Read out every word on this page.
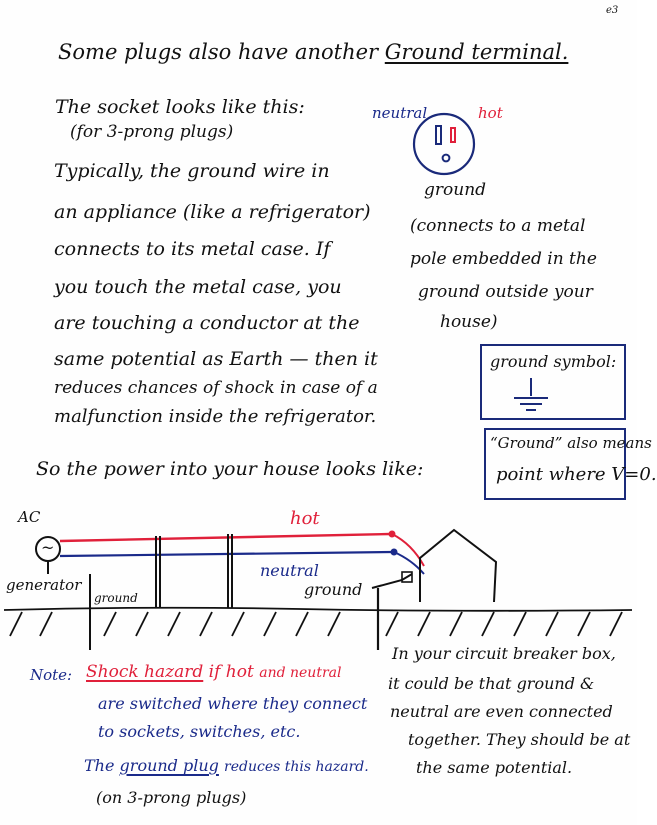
e3
Some plugs also have another Ground terminal.
The socket looks like this:
(for 3-prong plugs)
neutral	hot
ground
(connects to a metal
pole embedded in the
ground outside your
house)
Typically, the ground wire in
an appliance (like a refrigerator)
connects to its metal case. If
you touch the metal case, you
are touching a conductor at the
same potential as Earth — then it
reduces chances of shock in case of a
malfunction inside the refrigerator.
ground symbol:
“Ground” also means
point where V=0.
So the power into your house looks like:
AC
~
generator
ground
hot
neutral
ground
Note: Shock hazard if hot and neutral
are switched where they connect
to sockets, switches, etc.
The ground plug reduces this hazard.
(on 3-prong plugs)
In your circuit breaker box,
it could be that ground &
neutral are even connected
together. They should be at
the same potential.
